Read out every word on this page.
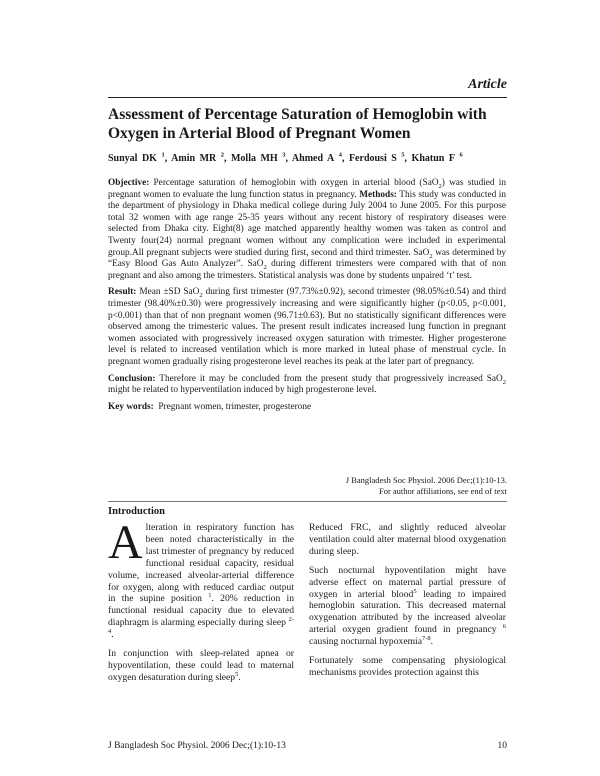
Article
Assessment of Percentage Saturation of Hemoglobin with Oxygen in Arterial Blood of Pregnant Women
Sunyal DK $^1$, Amin MR $^2$, Molla MH $^3$, Ahmed A $^4$, Ferdousi S $^5$, Khatun F $^6$

Objective: Percentage saturation of hemoglobin with oxygen in arterial blood (SaO$_2$) was studied in pregnant women to evaluate the lung function status in pregnancy. Methods: This study was conducted in the department of physiology in Dhaka medical college during July 2004 to June 2005. For this purpose total 32 women with age range 25-35 years without any recent history of respiratory diseases were selected from Dhaka city. Eight(8) age matched apparently healthy women was taken as control and Twenty four(24) normal pregnant women without any complication were included in experimental group.All pregnant subjects were studied during first, second and third trimester. SaO$_2$ was determined by “Easy Blood Gas Auto Analyzer”. SaO$_2$ during different trimesters were compared with that of non pregnant and also among the trimesters. Statistical analysis was done by students unpaired ‘t’ test.

Result: Mean ±SD SaO$_2$ during first trimester (97.73%±0.92), second trimester (98.05%±0.54) and third trimester (98.40%±0.30) were progressively increasing and were significantly higher (p<0.05, p<0.001, p<0.001) than that of non pregnant women (96.71±0.63). But no statistically significant differences were observed among the trimesteric values. The present result indicates increased lung function in pregnant women associated with progressively increased oxygen saturation with trimester. Higher progesterone level is related to increased ventilation which is more marked in luteal phase of menstrual cycle. In pregnant women gradually rising progesterone level reaches its peak at the later part of pregnancy.

Conclusion: Therefore it may be concluded from the present study that progressively increased SaO$_2$ might be related to hyperventilation induced by high progesterone level.

Key words: Pregnant women, trimester, progesterone

J Bangladesh Soc Physiol. 2006 Dec;(1):10-13.
For author affiliations, see end of text
Introduction

Alteration in respiratory function has been noted characteristically in the last trimester of pregnancy by reduced functional residual capacity, residual volume, increased alveolar-arterial difference for oxygen, along with reduced cardiac output in the supine position $^1$. 20% reduction in functional residual capacity due to elevated diaphragm is alarming especially during sleep $^{2-4}$.

In conjunction with sleep-related apnea or hypoventilation, these could lead to maternal oxygen desaturation during sleep$^5$.

Reduced FRC, and slightly reduced alveolar ventilation could alter maternal blood oxygenation during sleep.

Such nocturnal hypoventilation might have adverse effect on maternal partial pressure of oxygen in arterial blood$^5$ leading to impaired hemoglobin saturation. This decreased maternal oxygenation attributed by the increased alveolar arterial oxygen gradient found in pregnancy $^6$ causing nocturnal hypoxemia$^{7-8}$.

Fortunately some compensating physiological mechanisms provides protection against this

J Bangladesh Soc Physiol. 2006 Dec;(1):10-13	10
